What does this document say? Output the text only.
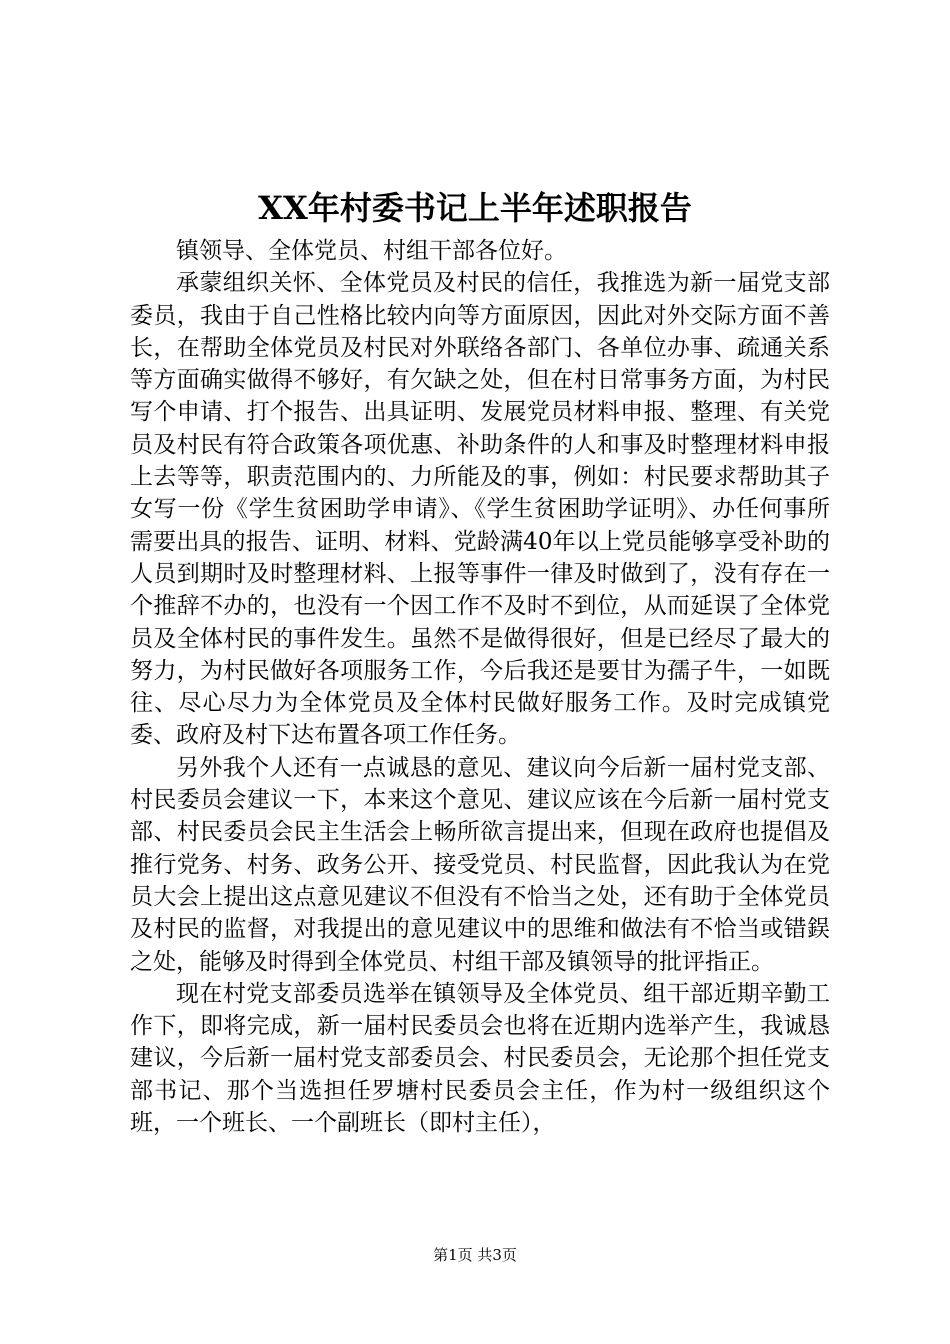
XX年村委书记上半年述职报告

镇领导、全体党员、村组干部各位好。

承蒙组织关怀、全体党员及村民的信任，我推选为新一届党支部委员，我由于自己性格比较内向等方面原因，因此对外交际方面不善长，在帮助全体党员及村民对外联络各部门、各单位办事、疏通关系等方面确实做得不够好，有欠缺之处，但在村日常事务方面，为村民写个申请、打个报告、出具证明、发展党员材料申报、整理、有关党员及村民有符合政策各项优惠、补助条件的人和事及时整理材料申报上去等等，职责范围内的、力所能及的事，例如：村民要求帮助其子女写一份《学生贫困助学申请》、《学生贫困助学证明》、办任何事所需要出具的报告、证明、材料、党龄满40年以上党员能够享受补助的人员到期时及时整理材料、上报等事件一律及时做到了，没有存在一个推辞不办的，也没有一个因工作不及时不到位，从而延误了全体党员及全体村民的事件发生。虽然不是做得很好，但是已经尽了最大的努力，为村民做好各项服务工作，今后我还是要甘为孺子牛，一如既往、尽心尽力为全体党员及全体村民做好服务工作。及时完成镇党委、政府及村下达布置各项工作任务。

另外我个人还有一点诚恳的意见、建议向今后新一届村党支部、村民委员会建议一下，本来这个意见、建议应该在今后新一届村党支部、村民委员会民主生活会上畅所欲言提出来，但现在政府也提倡及推行党务、村务、政务公开、接受党员、村民监督，因此我认为在党员大会上提出这点意见建议不但没有不恰当之处，还有助于全体党员及村民的监督，对我提出的意见建议中的思维和做法有不恰当或错鋘之处，能够及时得到全体党员、村组干部及镇领导的批评指正。

现在村党支部委员选举在镇领导及全体党员、组干部近期辛勤工作下，即将完成，新一届村民委员会也将在近期内选举产生，我诚恳建议，今后新一届村党支部委员会、村民委员会，无论那个担任党支部书记、那个当选担任罗塘村民委员会主任，作为村一级组织这个班，一个班长、一个副班长（即村主任），

第1页 共3页
